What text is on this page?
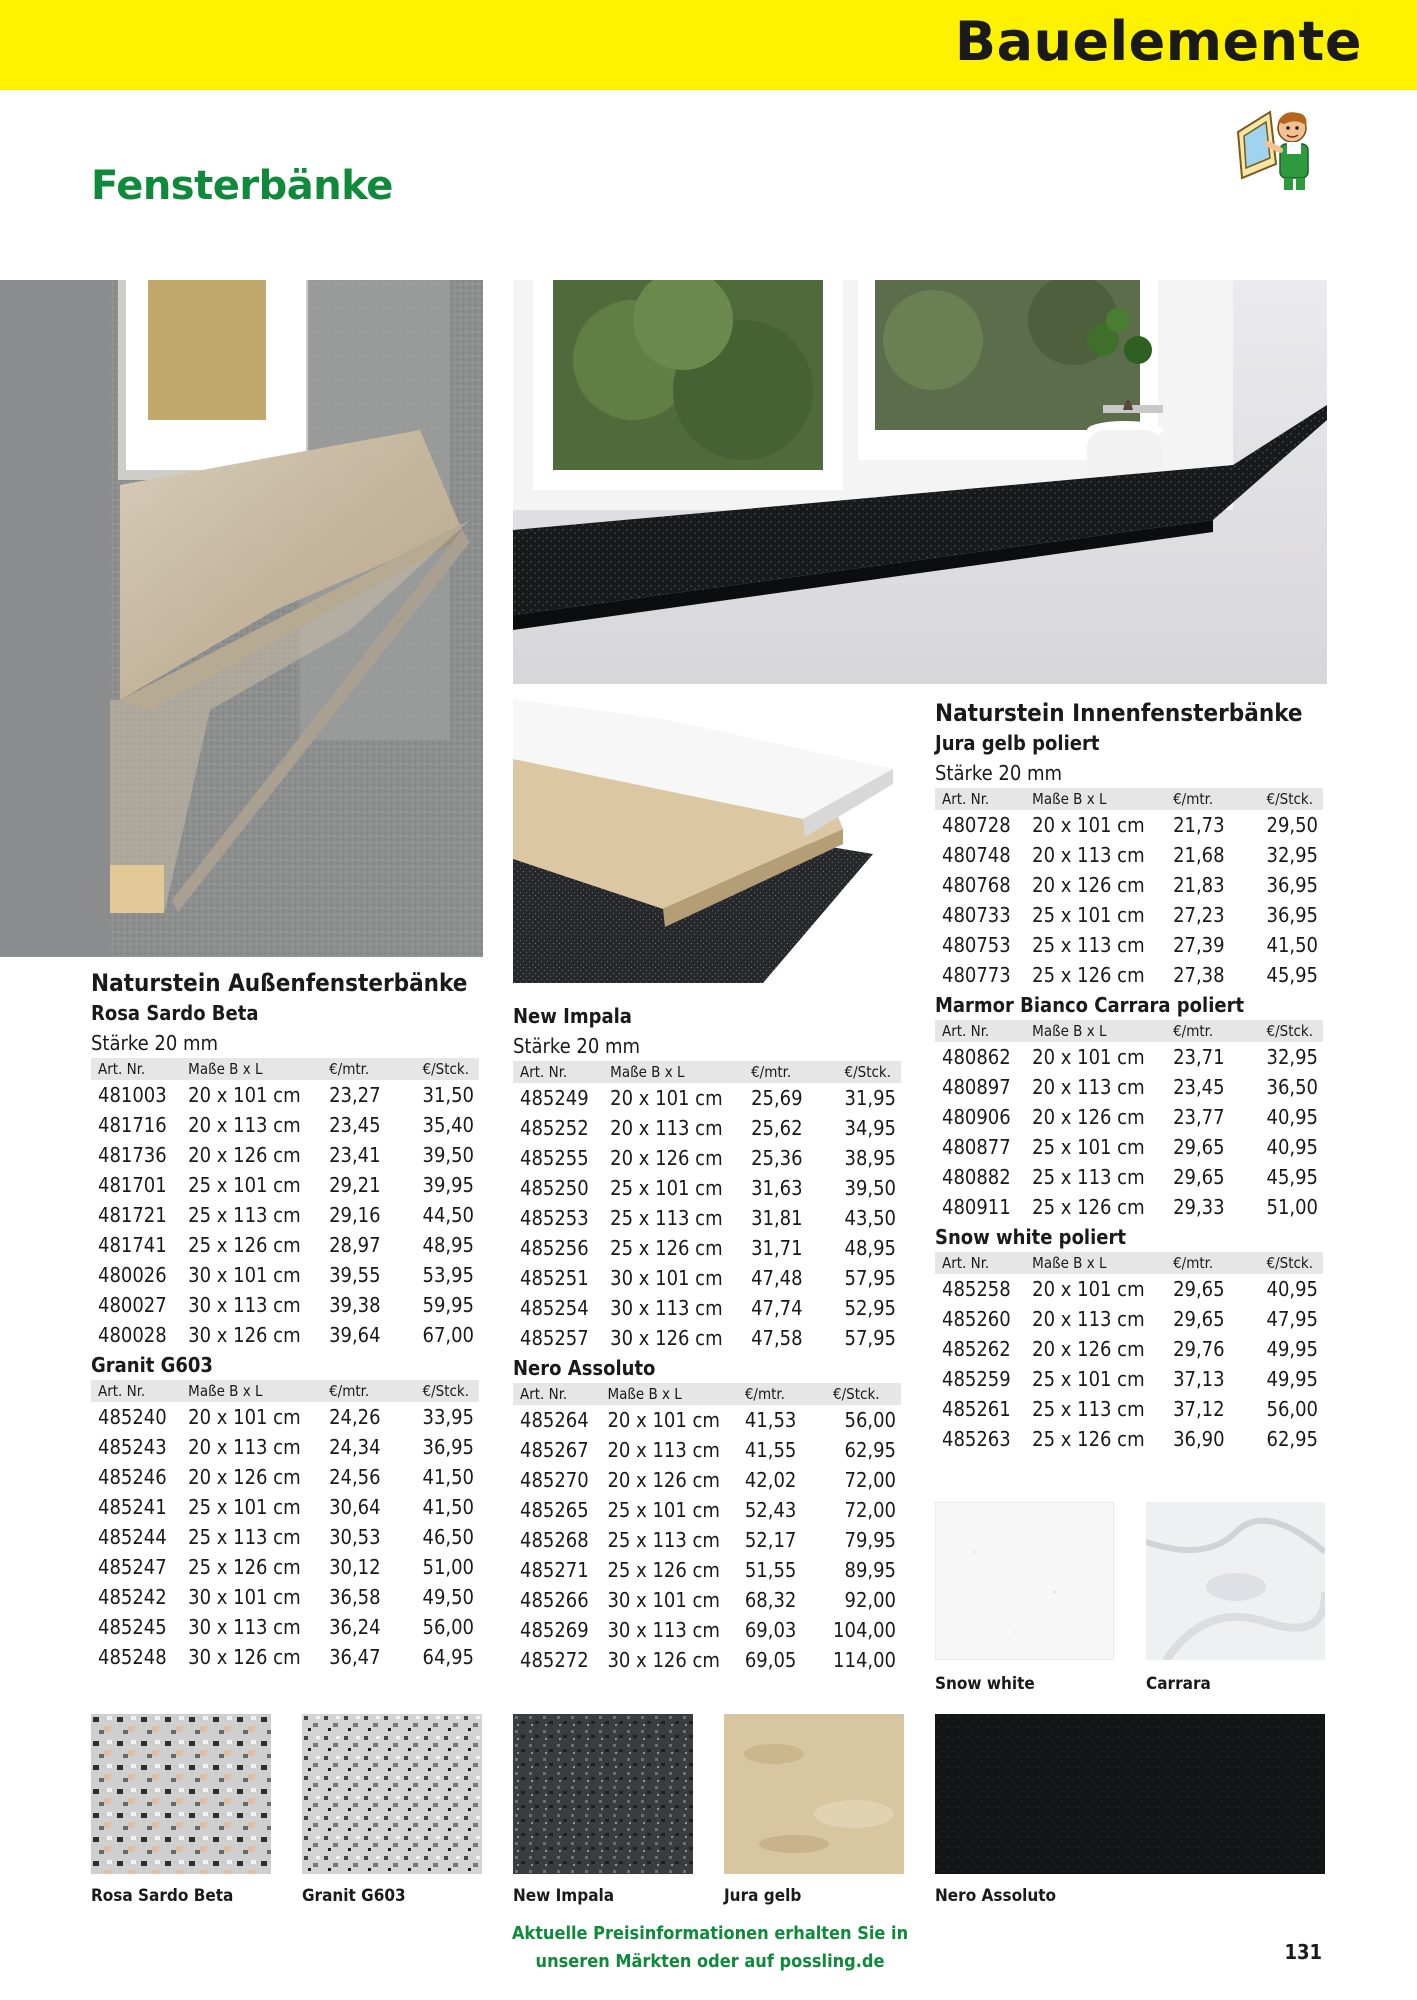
Bauelemente
Fensterbänke
Naturstein Außenfensterbänke
Rosa Sardo Beta
Stärke 20 mm
Art. Nr.	Maße B x L	€/mtr.	€/Stck.
481003	20 x 101 cm	23,27	31,50
481716	20 x 113 cm	23,45	35,40
481736	20 x 126 cm	23,41	39,50
481701	25 x 101 cm	29,21	39,95
481721	25 x 113 cm	29,16	44,50
481741	25 x 126 cm	28,97	48,95
480026	30 x 101 cm	39,55	53,95
480027	30 x 113 cm	39,38	59,95
480028	30 x 126 cm	39,64	67,00
Granit G603
Art. Nr.	Maße B x L	€/mtr.	€/Stck.
485240	20 x 101 cm	24,26	33,95
485243	20 x 113 cm	24,34	36,95
485246	20 x 126 cm	24,56	41,50
485241	25 x 101 cm	30,64	41,50
485244	25 x 113 cm	30,53	46,50
485247	25 x 126 cm	30,12	51,00
485242	30 x 101 cm	36,58	49,50
485245	30 x 113 cm	36,24	56,00
485248	30 x 126 cm	36,47	64,95
New Impala
Stärke 20 mm
Art. Nr.	Maße B x L	€/mtr.	€/Stck.
485249	20 x 101 cm	25,69	31,95
485252	20 x 113 cm	25,62	34,95
485255	20 x 126 cm	25,36	38,95
485250	25 x 101 cm	31,63	39,50
485253	25 x 113 cm	31,81	43,50
485256	25 x 126 cm	31,71	48,95
485251	30 x 101 cm	47,48	57,95
485254	30 x 113 cm	47,74	52,95
485257	30 x 126 cm	47,58	57,95
Nero Assoluto
Art. Nr.	Maße B x L	€/mtr.	€/Stck.
485264	20 x 101 cm	41,53	56,00
485267	20 x 113 cm	41,55	62,95
485270	20 x 126 cm	42,02	72,00
485265	25 x 101 cm	52,43	72,00
485268	25 x 113 cm	52,17	79,95
485271	25 x 126 cm	51,55	89,95
485266	30 x 101 cm	68,32	92,00
485269	30 x 113 cm	69,03	104,00
485272	30 x 126 cm	69,05	114,00
Naturstein Innenfensterbänke
Jura gelb poliert
Stärke 20 mm
Art. Nr.	Maße B x L	€/mtr.	€/Stck.
480728	20 x 101 cm	21,73	29,50
480748	20 x 113 cm	21,68	32,95
480768	20 x 126 cm	21,83	36,95
480733	25 x 101 cm	27,23	36,95
480753	25 x 113 cm	27,39	41,50
480773	25 x 126 cm	27,38	45,95
Marmor Bianco Carrara poliert
Art. Nr.	Maße B x L	€/mtr.	€/Stck.
480862	20 x 101 cm	23,71	32,95
480897	20 x 113 cm	23,45	36,50
480906	20 x 126 cm	23,77	40,95
480877	25 x 101 cm	29,65	40,95
480882	25 x 113 cm	29,65	45,95
480911	25 x 126 cm	29,33	51,00
Snow white poliert
Art. Nr.	Maße B x L	€/mtr.	€/Stck.
485258	20 x 101 cm	29,65	40,95
485260	20 x 113 cm	29,65	47,95
485262	20 x 126 cm	29,76	49,95
485259	25 x 101 cm	37,13	49,95
485261	25 x 113 cm	37,12	56,00
485263	25 x 126 cm	36,90	62,95
Snow white	Carrara
Rosa Sardo Beta	Granit G603	New Impala	Jura gelb	Nero Assoluto
Aktuelle Preisinformationen erhalten Sie in
unseren Märkten oder auf possling.de	131
